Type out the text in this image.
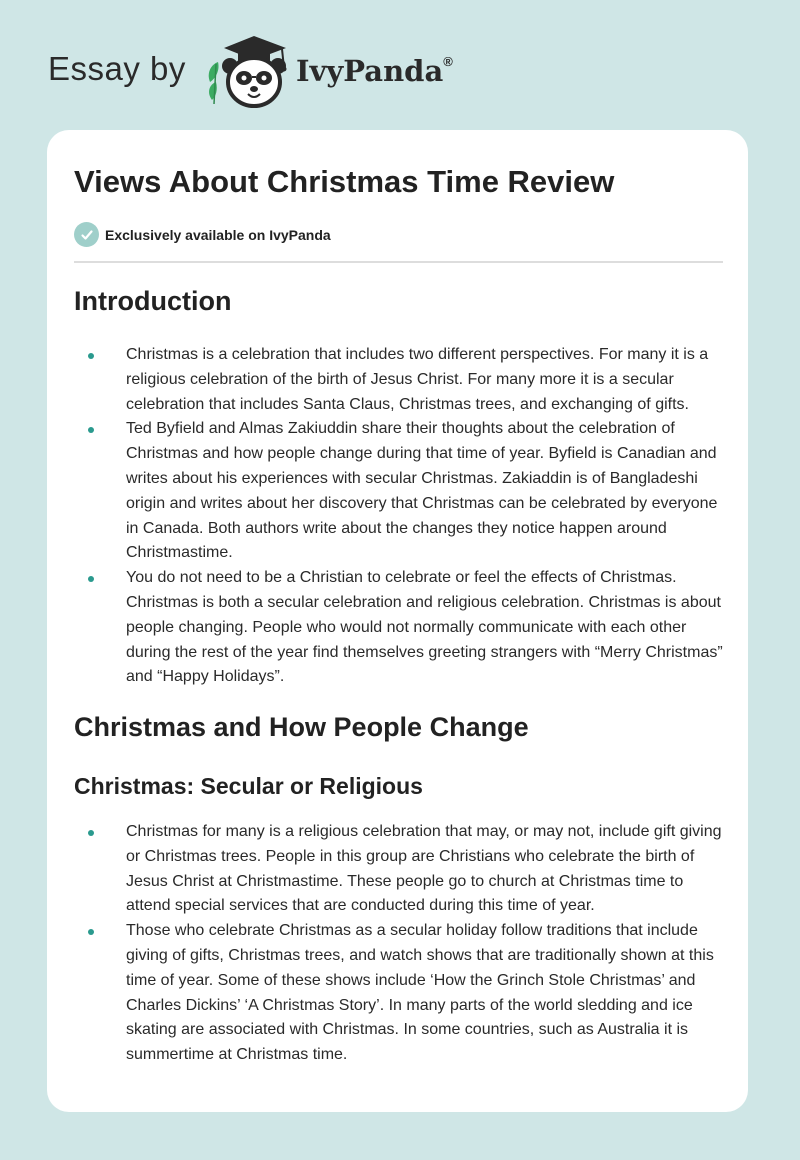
Essay by	IvyPanda®
Views About Christmas Time Review
Exclusively available on IvyPanda
Introduction
Christmas is a celebration that includes two different perspectives. For many it is a religious celebration of the birth of Jesus Christ. For many more it is a secular celebration that includes Santa Claus, Christmas trees, and exchanging of gifts.
Ted Byfield and Almas Zakiuddin share their thoughts about the celebration of Christmas and how people change during that time of year. Byfield is Canadian and writes about his experiences with secular Christmas. Zakiaddin is of Bangladeshi origin and writes about her discovery that Christmas can be celebrated by everyone in Canada. Both authors write about the changes they notice happen around Christmastime.
You do not need to be a Christian to celebrate or feel the effects of Christmas. Christmas is both a secular celebration and religious celebration. Christmas is about people changing. People who would not normally communicate with each other during the rest of the year find themselves greeting strangers with “Merry Christmas” and “Happy Holidays”.
Christmas and How People Change
Christmas: Secular or Religious
Christmas for many is a religious celebration that may, or may not, include gift giving or Christmas trees. People in this group are Christians who celebrate the birth of Jesus Christ at Christmastime. These people go to church at Christmas time to attend special services that are conducted during this time of year.
Those who celebrate Christmas as a secular holiday follow traditions that include giving of gifts, Christmas trees, and watch shows that are traditionally shown at this time of year. Some of these shows include ‘How the Grinch Stole Christmas’ and Charles Dickins’ ‘A Christmas Story’. In many parts of the world sledding and ice skating are associated with Christmas. In some countries, such as Australia it is summertime at Christmas time.
